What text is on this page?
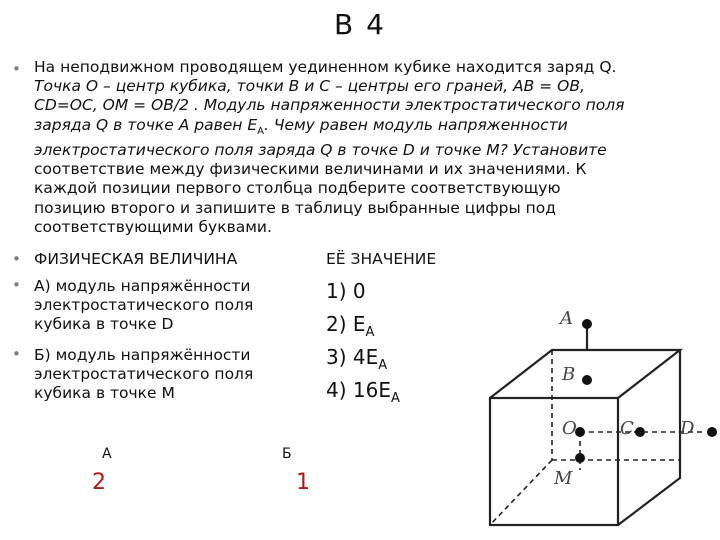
В 4
• На неподвижном проводящем уединенном кубике находится заряд Q.
Точка O – центр кубика, точки B и C – центры его граней, AB = OB,
CD=OC, OM = OB/2 . Модуль напряженности электростатического поля
заряда Q в точке A равен $E_A$. Чему равен модуль напряженности
электростатического поля заряда Q в точке D и точке M? Установите
соответствие между физическими величинами и их значениями. К
каждой позиции первого столбца подберите соответствующую
позицию второго и запишите в таблицу выбранные цифры под
соответствующими буквами.
• ФИЗИЧЕСКАЯ ВЕЛИЧИНА	ЕЁ ЗНАЧЕНИЕ
• А) модуль напряжённости
электростатического поля
кубика в точке D
• Б) модуль напряжённости
электростатического поля
кубика в точке M
1) 0
2) $E_A$
3) $4E_A$
4) $16E_A$
А	Б
2	1
A
B
O C	D
M
